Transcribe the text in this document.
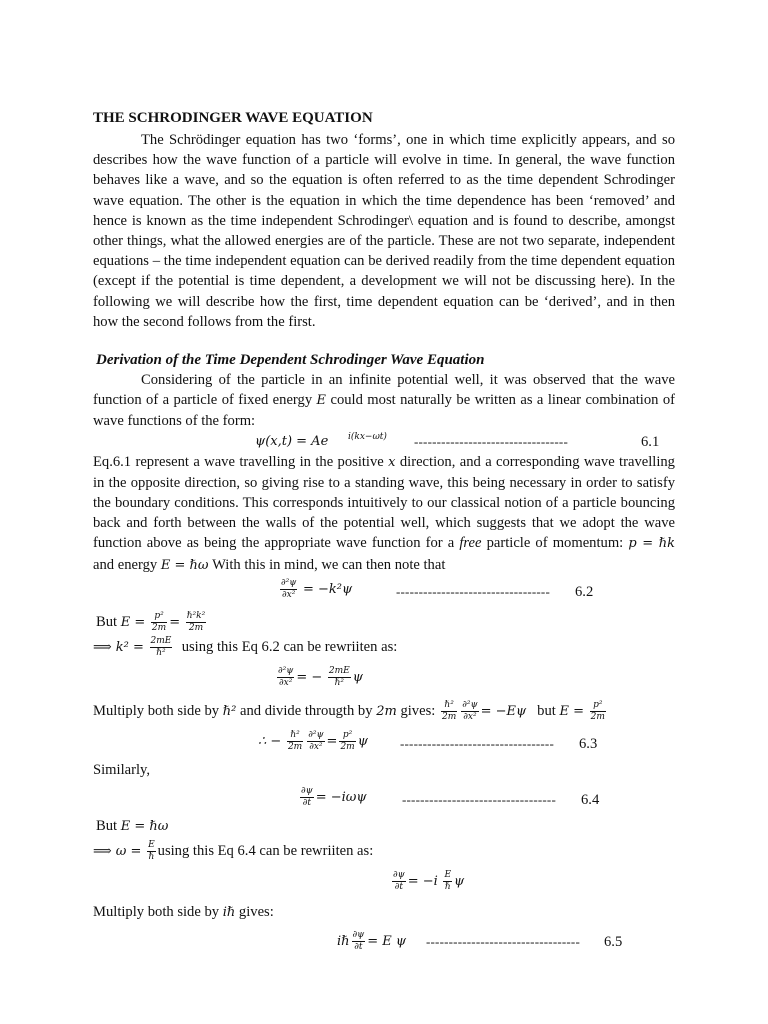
THE SCHRODINGER WAVE EQUATION

The Schrödinger equation has two ‘forms’, one in which time explicitly appears, and so describes how the wave function of a particle will evolve in time. In general, the wave function behaves like a wave, and so the equation is often referred to as the time dependent Schrodinger wave equation. The other is the equation in which the time dependence has been ‘removed’ and hence is known as the time independent Schrodinger\ equation and is found to describe, amongst other things, what the allowed energies are of the particle. These are not two separate, independent equations – the time independent equation can be derived readily from the time dependent equation (except if the potential is time dependent, a development we will not be discussing here). In the following we will describe how the first, time dependent equation can be ‘derived’, and in then how the second follows from the first.

Derivation of the Time Dependent Schrodinger Wave Equation

Considering of the particle in an infinite potential well, it was observed that the wave function of a particle of fixed energy E could most naturally be written as a linear combination of wave functions of the form:

ψ(x,t) = Ae i(kx−ωt) ----------------------------------	6.1

Eq.6.1 represent a wave travelling in the positive x direction, and a corresponding wave travelling in the opposite direction, so giving rise to a standing wave, this being necessary in order to satisfy the boundary conditions. This corresponds intuitively to our classical notion of a particle bouncing back and forth between the walls of the potential well, which suggests that we adopt the wave function above as being the appropriate wave function for a free particle of momentum: p = ℏk and energy E = ℏω With this in mind, we can then note that

$\frac{\text{∂²ψ}}{\text{∂x²}} = -k^2\psi$	---------------------------------- 6.2
But $E = \frac{\text{p²}}{2m} = \frac{\text{ℏ²k²}}{2m}$
⟹ $k^2 = \frac{2mE}{\text{ℏ²}}$ using this Eq 6.2 can be rewriiten as:
$\frac{\text{∂²ψ}}{\text{∂x²}}$ = − $\frac{2mE}{\text{ℏ²}}$ ψ
Multiply both side by ℏ² and divide througth by 2m gives: $\frac{\text{ℏ²}}{2m} \frac{\text{∂²ψ}}{\text{∂x²}} = -E\psi$ but $E = \frac{\text{p²}}{2m}$
∴ − $\frac{\text{ℏ²}}{2m} \frac{\text{∂²ψ}}{\text{∂x²}} = \frac{\text{p²}}{2m}$ ψ ---------------------------------- 6.3
Similarly,
$\frac{\partial\psi}{\partial t} = -i\omega\psi$	---------------------------------- 6.4
But E = ℏω
⟹ $\omega = \frac{E}{\text{ℏ}}$ using this Eq 6.4 can be rewriiten as:
$\frac{\partial\psi}{\partial t} = -i \frac{E}{\text{ℏ}}$ ψ
Multiply both side by iℏ gives:
iℏ $\frac{\partial\psi}{\partial t} = E$ ψ ---------------------------------- 6.5
